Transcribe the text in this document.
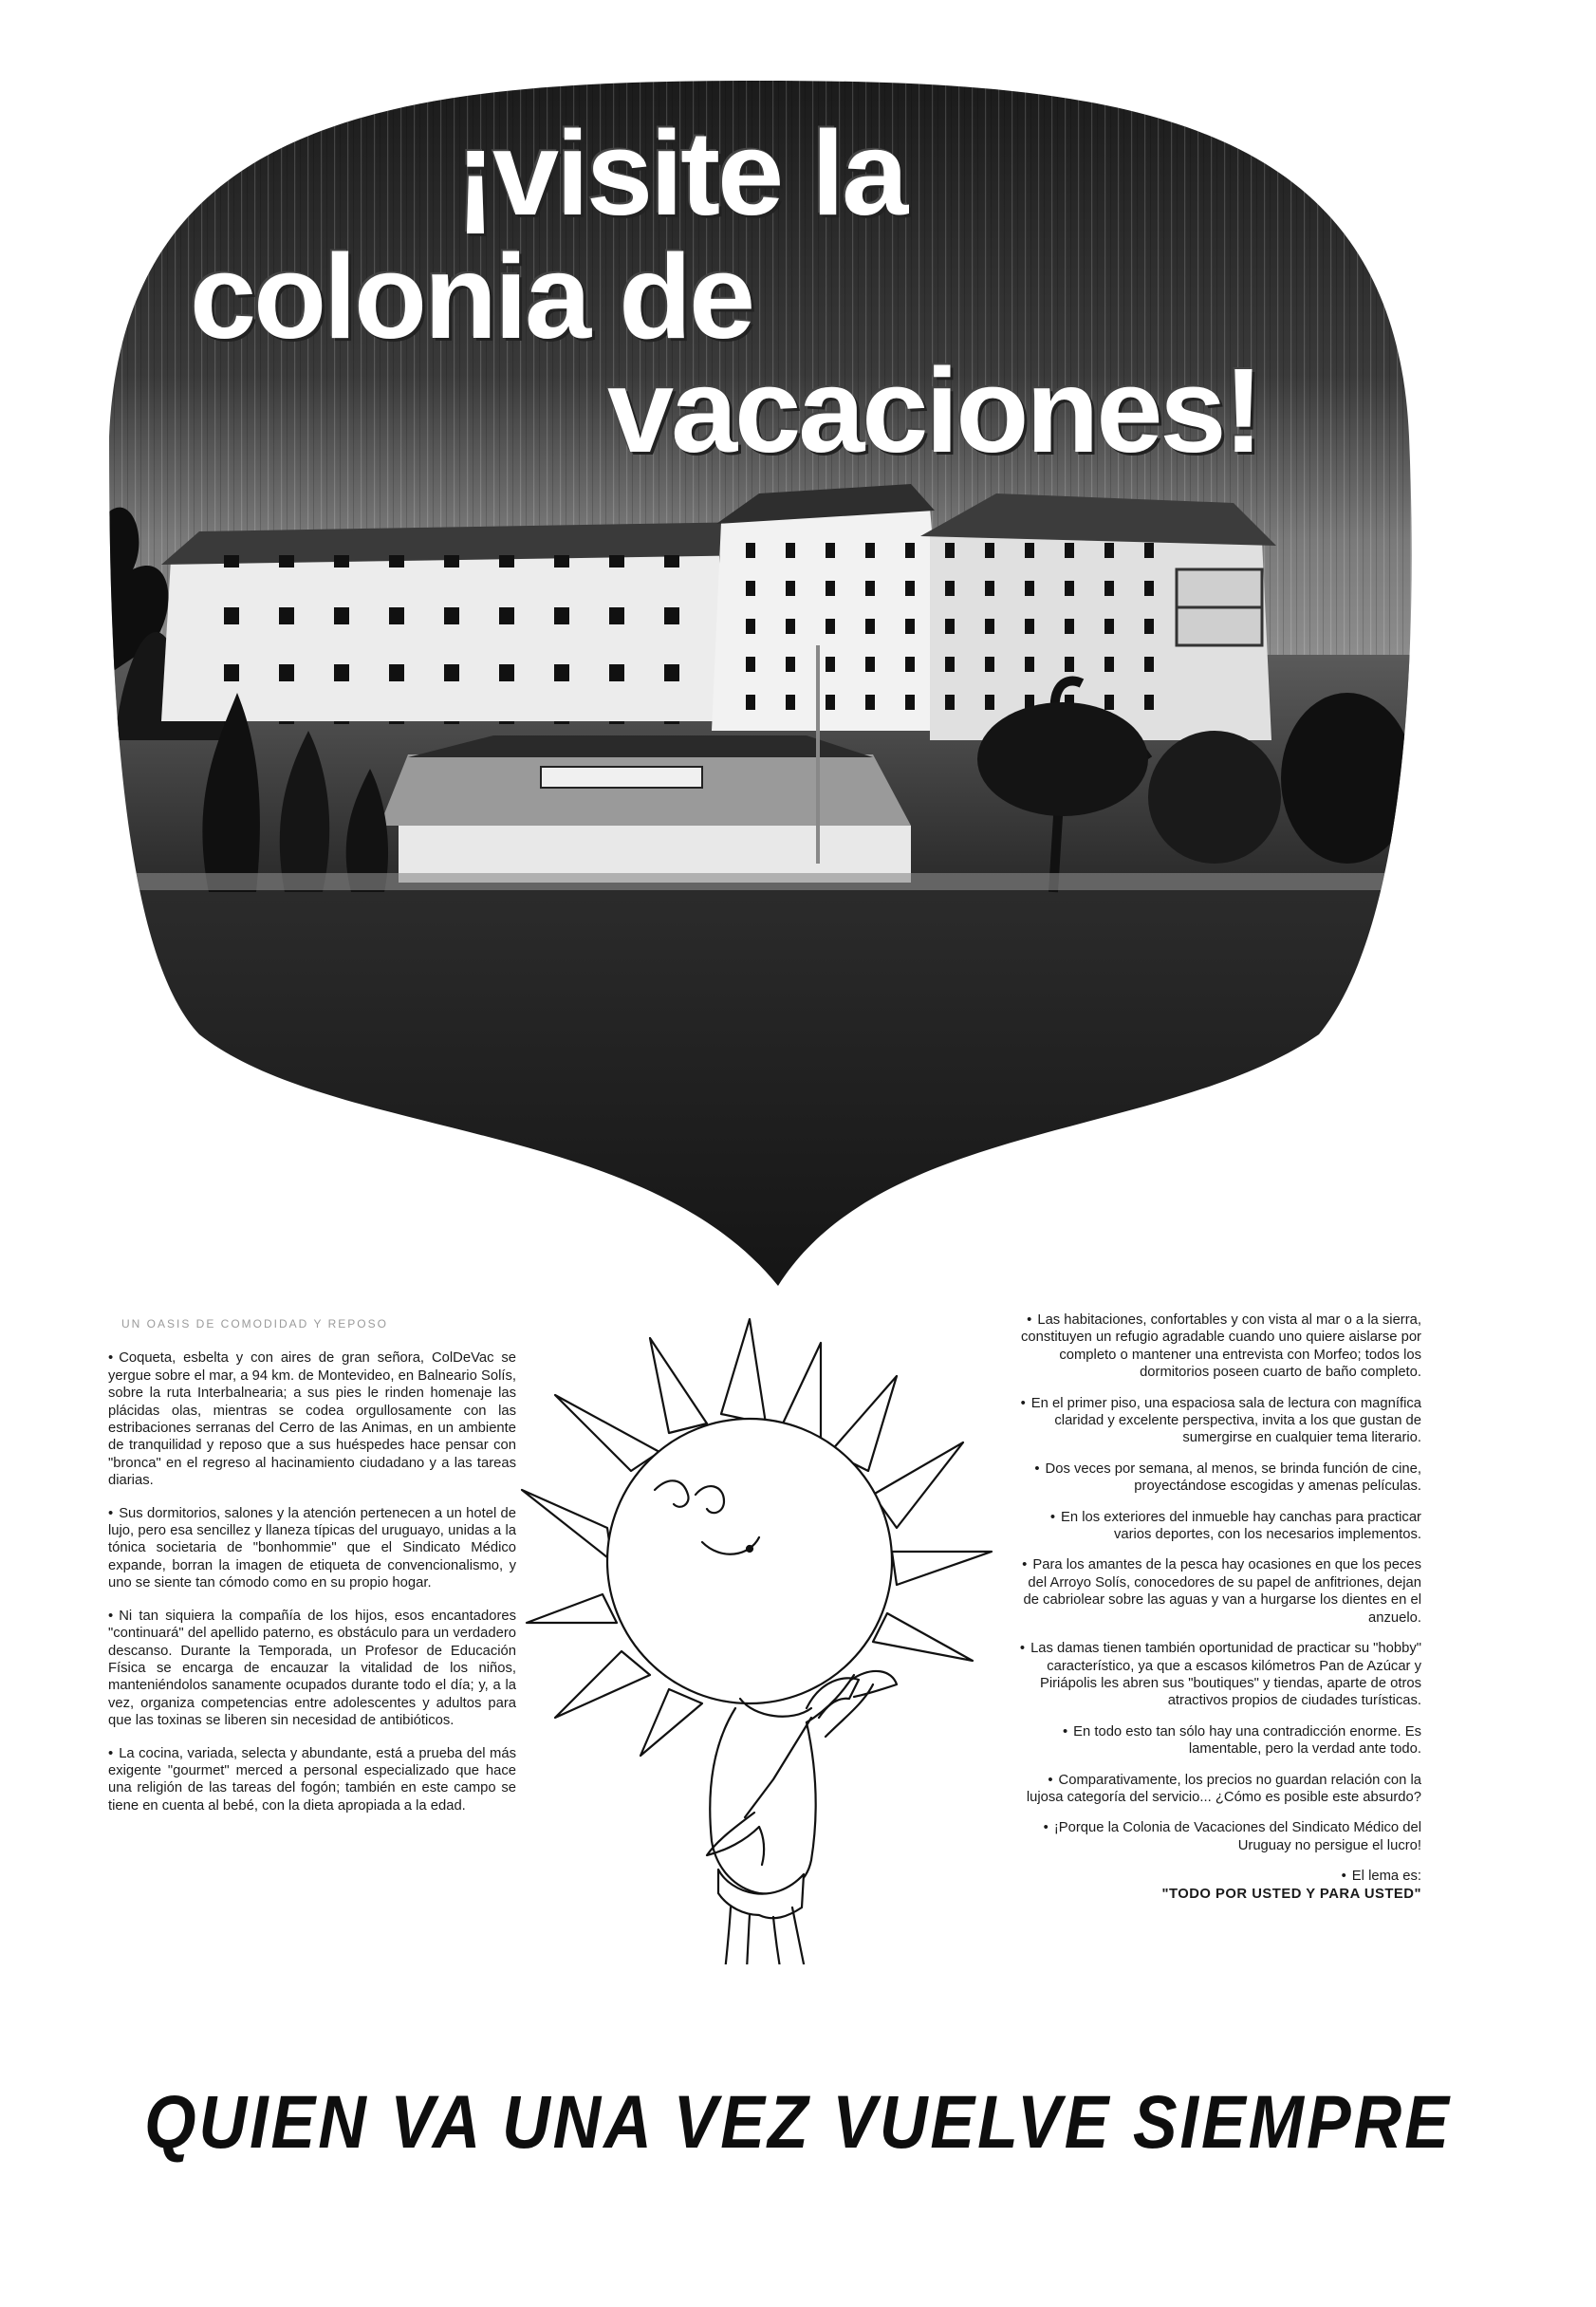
¡visite la
colonia de
vacaciones!
UN OASIS DE COMODIDAD Y REPOSO

• Coqueta, esbelta y con aires de gran señora, ColDeVac se yergue sobre el mar, a 94 km. de Montevideo, en Balneario Solís, sobre la ruta Interbalnearia; a sus pies le rinden homenaje las plácidas olas, mientras se codea orgullosamente con las estribaciones serranas del Cerro de las Animas, en un ambiente de tranquilidad y reposo que a sus huéspedes hace pensar con "bronca" en el regreso al hacinamiento ciudadano y a las tareas diarias.

• Sus dormitorios, salones y la atención pertenecen a un hotel de lujo, pero esa sencillez y llaneza típicas del uruguayo, unidas a la tónica societaria de "bonhommie" que el Sindicato Médico expande, borran la imagen de etiqueta de convencionalismo, y uno se siente tan cómodo como en su propio hogar.

• Ni tan siquiera la compañía de los hijos, esos encantadores "continuará" del apellido paterno, es obstáculo para un verdadero descanso. Durante la Temporada, un Profesor de Educación Física se encarga de encauzar la vitalidad de los niños, manteniéndolos sanamente ocupados durante todo el día; y, a la vez, organiza competencias entre adolescentes y adultos para que las toxinas se liberen sin necesidad de antibióticos.

• La cocina, variada, selecta y abundante, está a prueba del más exigente "gourmet" merced a personal especializado que hace una religión de las tareas del fogón; también en este campo se tiene en cuenta al bebé, con la dieta apropiada a la edad.

• Las habitaciones, confortables y con vista al mar o a la sierra, constituyen un refugio agradable cuando uno quiere aislarse por completo o mantener una entrevista con Morfeo; todos los dormitorios poseen cuarto de baño completo.

• En el primer piso, una espaciosa sala de lectura con magnífica claridad y excelente perspectiva, invita a los que gustan de sumergirse en cualquier tema literario.

• Dos veces por semana, al menos, se brinda función de cine, proyectándose escogidas y amenas películas.

• En los exteriores del inmueble hay canchas para practicar varios deportes, con los necesarios implementos.

• Para los amantes de la pesca hay ocasiones en que los peces del Arroyo Solís, conocedores de su papel de anfitriones, dejan de cabriolear sobre las aguas y van a hurgarse los dientes en el anzuelo.

• Las damas tienen también oportunidad de practicar su "hobby" característico, ya que a escasos kilómetros Pan de Azúcar y Piriápolis les abren sus "boutiques" y tiendas, aparte de otros atractivos propios de ciudades turísticas.

• En todo esto tan sólo hay una contradicción enorme. Es lamentable, pero la verdad ante todo.

• Comparativamente, los precios no guardan relación con la lujosa categoría del servicio... ¿Cómo es posible este absurdo?

• ¡Porque la Colonia de Vacaciones del Sindicato Médico del Uruguay no persigue el lucro!

• El lema es:

"TODO POR USTED Y PARA USTED"

QUIEN VA UNA VEZ VUELVE SIEMPRE
